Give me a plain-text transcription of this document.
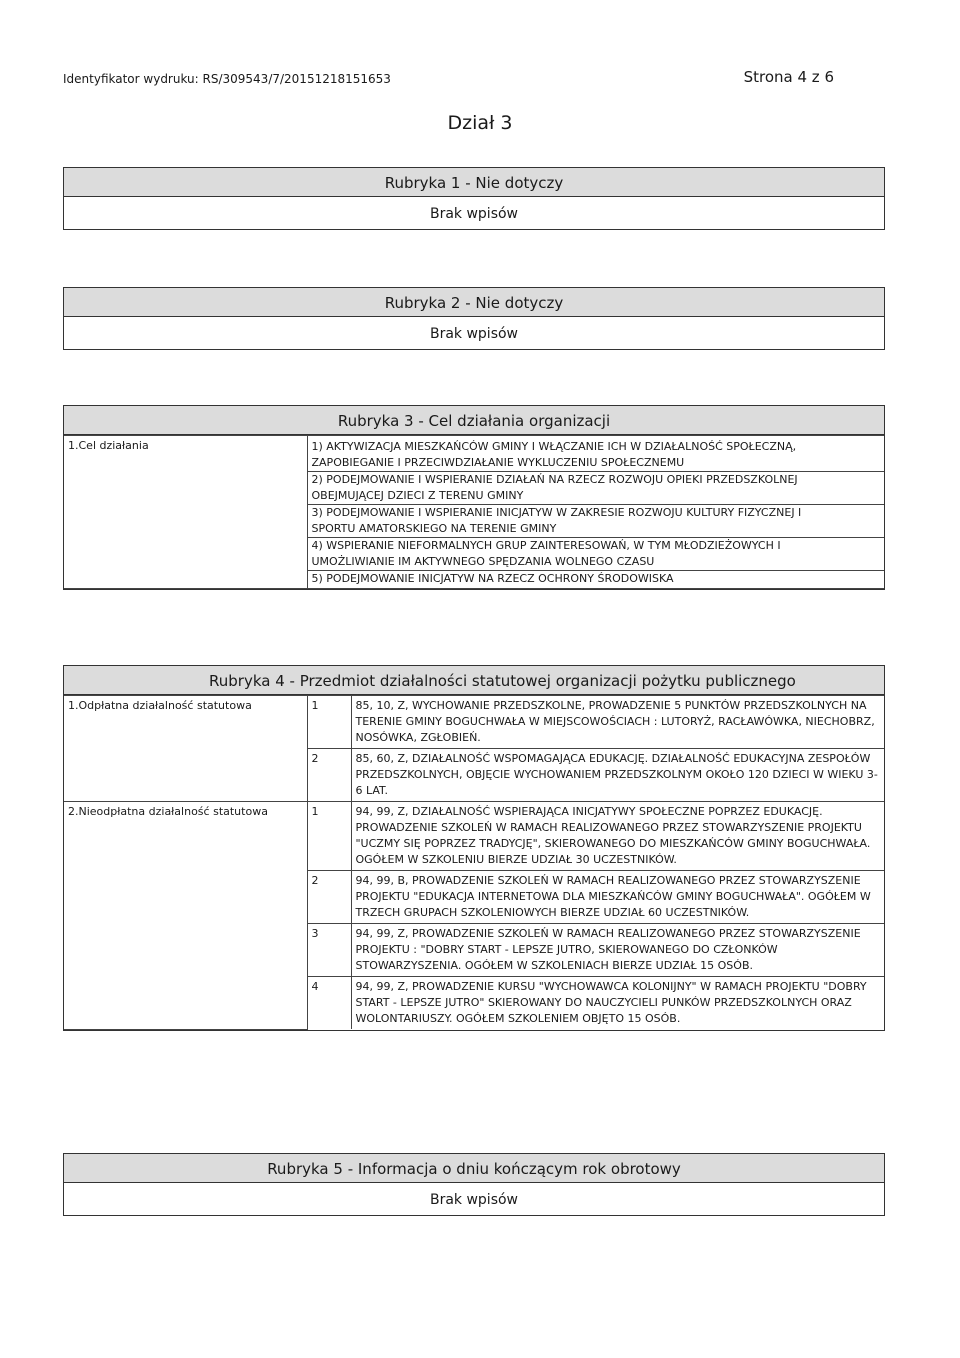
Identyfikator wydruku: RS/309543/7/20151218151653	Strona 4 z 6
Dział 3
Rubryka 1 - Nie dotyczy
Brak wpisów
Rubryka 2 - Nie dotyczy
Brak wpisów
Rubryka 3 - Cel działania organizacji
1.Cel działania	1) AKTYWIZACJA MIESZKAŃCÓW GMINY I WŁĄCZANIE ICH W DZIAŁALNOŚĆ SPOŁECZNĄ,
ZAPOBIEGANIE I PRZECIWDZIAŁANIE WYKLUCZENIU SPOŁECZNEMU
2) PODEJMOWANIE I WSPIERANIE DZIAŁAŃ NA RZECZ ROZWOJU OPIEKI PRZEDSZKOLNEJ
OBEJMUJĄCEJ DZIECI Z TERENU GMINY
3) PODEJMOWANIE I WSPIERANIE INICJATYW W ZAKRESIE ROZWOJU KULTURY FIZYCZNEJ I
SPORTU AMATORSKIEGO NA TERENIE GMINY
4) WSPIERANIE NIEFORMALNYCH GRUP ZAINTERESOWAŃ, W TYM MŁODZIEŻOWYCH I
UMOŻLIWIANIE IM AKTYWNEGO SPĘDZANIA WOLNEGO CZASU
5) PODEJMOWANIE INICJATYW NA RZECZ OCHRONY ŚRODOWISKA
Rubryka 4 - Przedmiot działalności statutowej organizacji pożytku publicznego
1.Odpłatna działalność statutowa	1	85, 10, Z, WYCHOWANIE PRZEDSZKOLNE, PROWADZENIE 5 PUNKTÓW PRZEDSZKOLNYCH NA TERENIE GMINY BOGUCHWAŁA W MIEJSCOWOŚCIACH : LUTORYŻ, RACŁAWÓWKA, NIECHOBRZ, NOSÓWKA, ZGŁOBIEŃ.
	2	85, 60, Z, DZIAŁALNOŚĆ WSPOMAGAJĄCA EDUKACJĘ. DZIAŁALNOŚĆ EDUKACYJNA ZESPOŁÓW PRZEDSZKOLNYCH, OBJĘCIE WYCHOWANIEM PRZEDSZKOLNYM OKOŁO 120 DZIECI W WIEKU 3-6 LAT.
2.Nieodpłatna działalność statutowa	1	94, 99, Z, DZIAŁALNOŚĆ WSPIERAJĄCA INICJATYWY SPOŁECZNE POPRZEZ EDUKACJĘ. PROWADZENIE SZKOLEŃ W RAMACH REALIZOWANEGO PRZEZ STOWARZYSZENIE PROJEKTU "UCZMY SIĘ POPRZEZ TRADYCJĘ", SKIEROWANEGO DO MIESZKAŃCÓW GMINY BOGUCHWAŁA. OGÓŁEM W SZKOLENIU BIERZE UDZIAŁ 30 UCZESTNIKÓW.
	2	94, 99, B, PROWADZENIE SZKOLEŃ W RAMACH REALIZOWANEGO PRZEZ STOWARZYSZENIE PROJEKTU "EDUKACJA INTERNETOWA DLA MIESZKAŃCÓW GMINY BOGUCHWAŁA". OGÓŁEM W TRZECH GRUPACH SZKOLENIOWYCH BIERZE UDZIAŁ 60 UCZESTNIKÓW.
	3	94, 99, Z, PROWADZENIE SZKOLEŃ W RAMACH REALIZOWANEGO PRZEZ STOWARZYSZENIE PROJEKTU : "DOBRY START - LEPSZE JUTRO, SKIEROWANEGO DO CZŁONKÓW STOWARZYSZENIA. OGÓŁEM W SZKOLENIACH BIERZE UDZIAŁ 15 OSÓB.
	4	94, 99, Z, PROWADZENIE KURSU "WYCHOWAWCA KOLONIJNY" W RAMACH PROJEKTU "DOBRY START - LEPSZE JUTRO" SKIEROWANY DO NAUCZYCIELI PUNKÓW PRZEDSZKOLNYCH ORAZ WOLONTARIUSZY. OGÓŁEM SZKOLENIEM OBJĘTO 15 OSÓB.
Rubryka 5 - Informacja o dniu kończącym rok obrotowy
Brak wpisów
